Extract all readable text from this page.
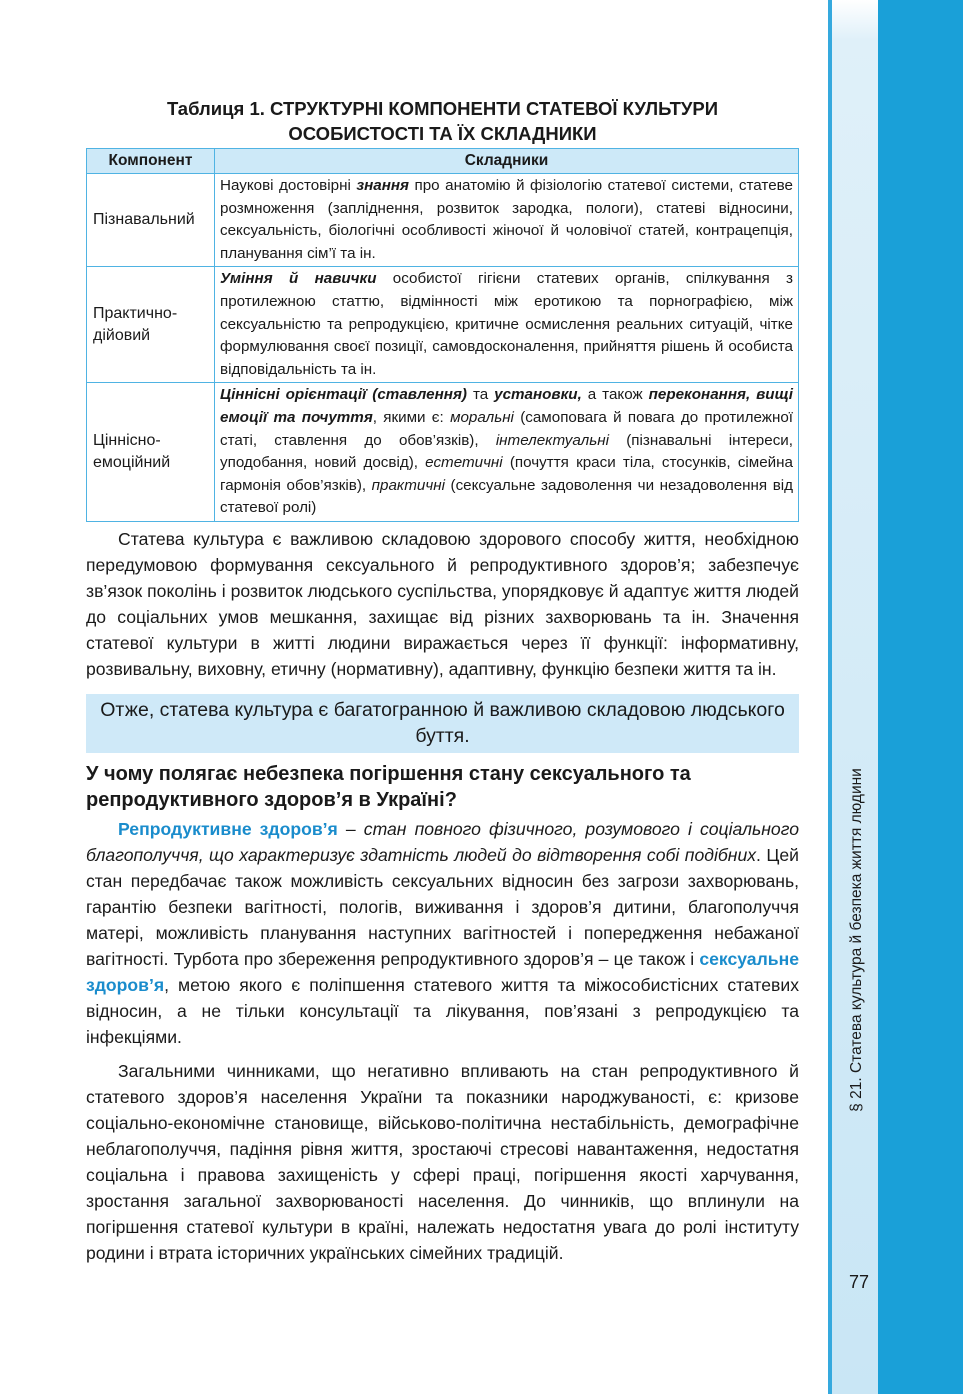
§ 21. Статева культура й безпека життя людини
77
Таблиця 1. СТРУКТУРНІ КОМПОНЕНТИ СТАТЕВОЇ КУЛЬТУРИ
ОСОБИСТОСТІ ТА ЇХ СКЛАДНИКИ
Компонент	Складники

Пізнавальний	Наукові достовірні знання про анатомію й фізіологію статевої системи, статеве розмноження (запліднення, розвиток зародка, пологи), статеві відносини, сексуальність, біологічні особливості жіночої й чоловічої статей, контрацепція, планування сім’ї та ін.

Практично-
дійовий	Уміння й навички особистої гігієни статевих органів, спілкування з протилежною статтю, відмінності між еротикою та порнографією, між сексуальністю та репродукцією, критичне осмислення реальних ситуацій, чітке формулювання своєї позиції, самовдосконалення, прийняття рішень й особиста відповідальність та ін.

Ціннісно-
емоційний	Ціннісні орієнтації (ставлення) та установки, а також переконання, вищі емоції та почуття, якими є: моральні (самоповага й повага до протилежної статі, ставлення до обов’язків), інтелектуальні (пізнавальні інтереси, уподобання, новий досвід), естетичні (почуття краси тіла, стосунків, сімейна гармонія обов’язків), практичні (сексуальне задоволення чи незадоволення від статевої ролі)

Статева культура є важливою складовою здорового способу життя, необхідною передумовою формування сексуального й репродуктивного здоров’я; забезпечує зв’язок поколінь і розвиток людського суспільства, упорядковує й адаптує життя людей до соціальних умов мешкання, захищає від різних захворювань та ін. Значення статевої культури в житті людини виражається через її функції: інформативну, розвивальну, виховну, етичну (нормативну), адаптивну, функцію безпеки життя та ін.

Отже, статева культура є багатогранною й важливою складовою людського буття.
У чому полягає небезпека погіршення стану сексуального та репродуктивного здоров’я в Україні?

Репродуктивне здоров’я – стан повного фізичного, розумового і соціального благополуччя, що характеризує здатність людей до відтворення собі подібних. Цей стан передбачає також можливість сексуальних відносин без загрози захворювань, гарантію безпеки вагітності, пологів, виживання і здоров’я дитини, благополуччя матері, можливість планування наступних вагітностей і попередження небажаної вагітності. Турбота про збереження репродуктивного здоров’я – це також і сексуальне здоров’я, метою якого є поліпшення статевого життя та міжособистісних статевих відносин, а не тільки консультації та лікування, пов’язані з репродукцією та інфекціями.

Загальними чинниками, що негативно впливають на стан репродуктивного й статевого здоров’я населення України та показники народжуваності, є: кризове соціально-економічне становище, військово-політична нестабільність, демографічне неблагополуччя, падіння рівня життя, зростаючі стресові навантаження, недостатня соціальна і правова захищеність у сфері праці, погіршення якості харчування, зростання загальної захворюваності населення. До чинників, що вплинули на погіршення статевої культури в країні, належать недостатня увага до ролі інституту родини і втрата історичних українських сімейних традицій.
